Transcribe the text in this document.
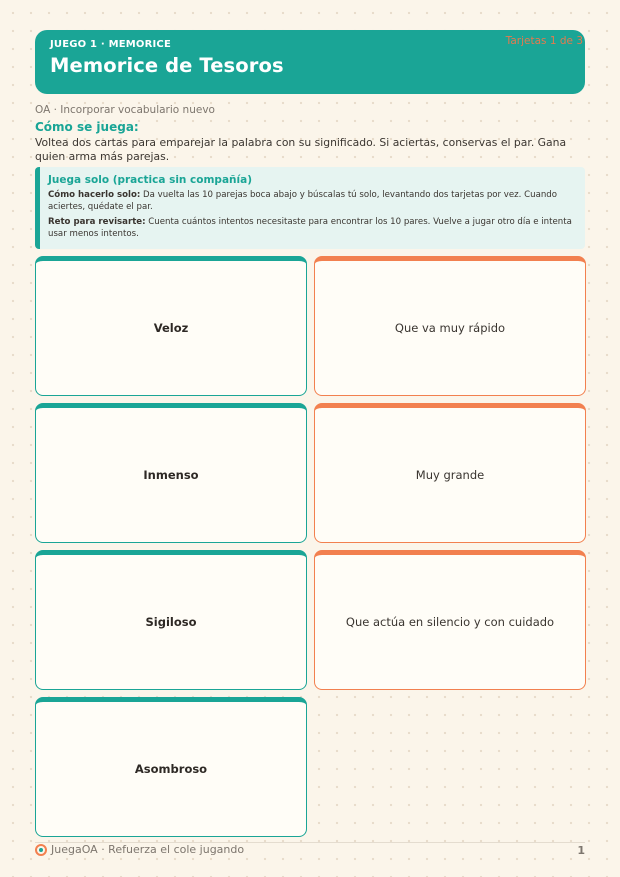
JUEGO 1 · MEMORICE
Memorice de Tesoros
Tarjetas 1 de 3
OA · Incorporar vocabulario nuevo
Cómo se juega:
Voltea dos cartas para emparejar la palabra con su significado. Si aciertas, conservas el par. Gana quien arma más parejas.
Juega solo (practica sin compañía)
Cómo hacerlo solo: Da vuelta las 10 parejas boca abajo y búscalas tú solo, levantando dos tarjetas por vez. Cuando aciertes, quédate el par.
Reto para revisarte: Cuenta cuántos intentos necesitaste para encontrar los 10 pares. Vuelve a jugar otro día e intenta usar menos intentos.
Veloz	Que va muy rápido
Inmenso	Muy grande
Sigiloso	Que actúa en silencio y con cuidado
Asombroso
JuegaOA · Refuerza el cole jugando	1
